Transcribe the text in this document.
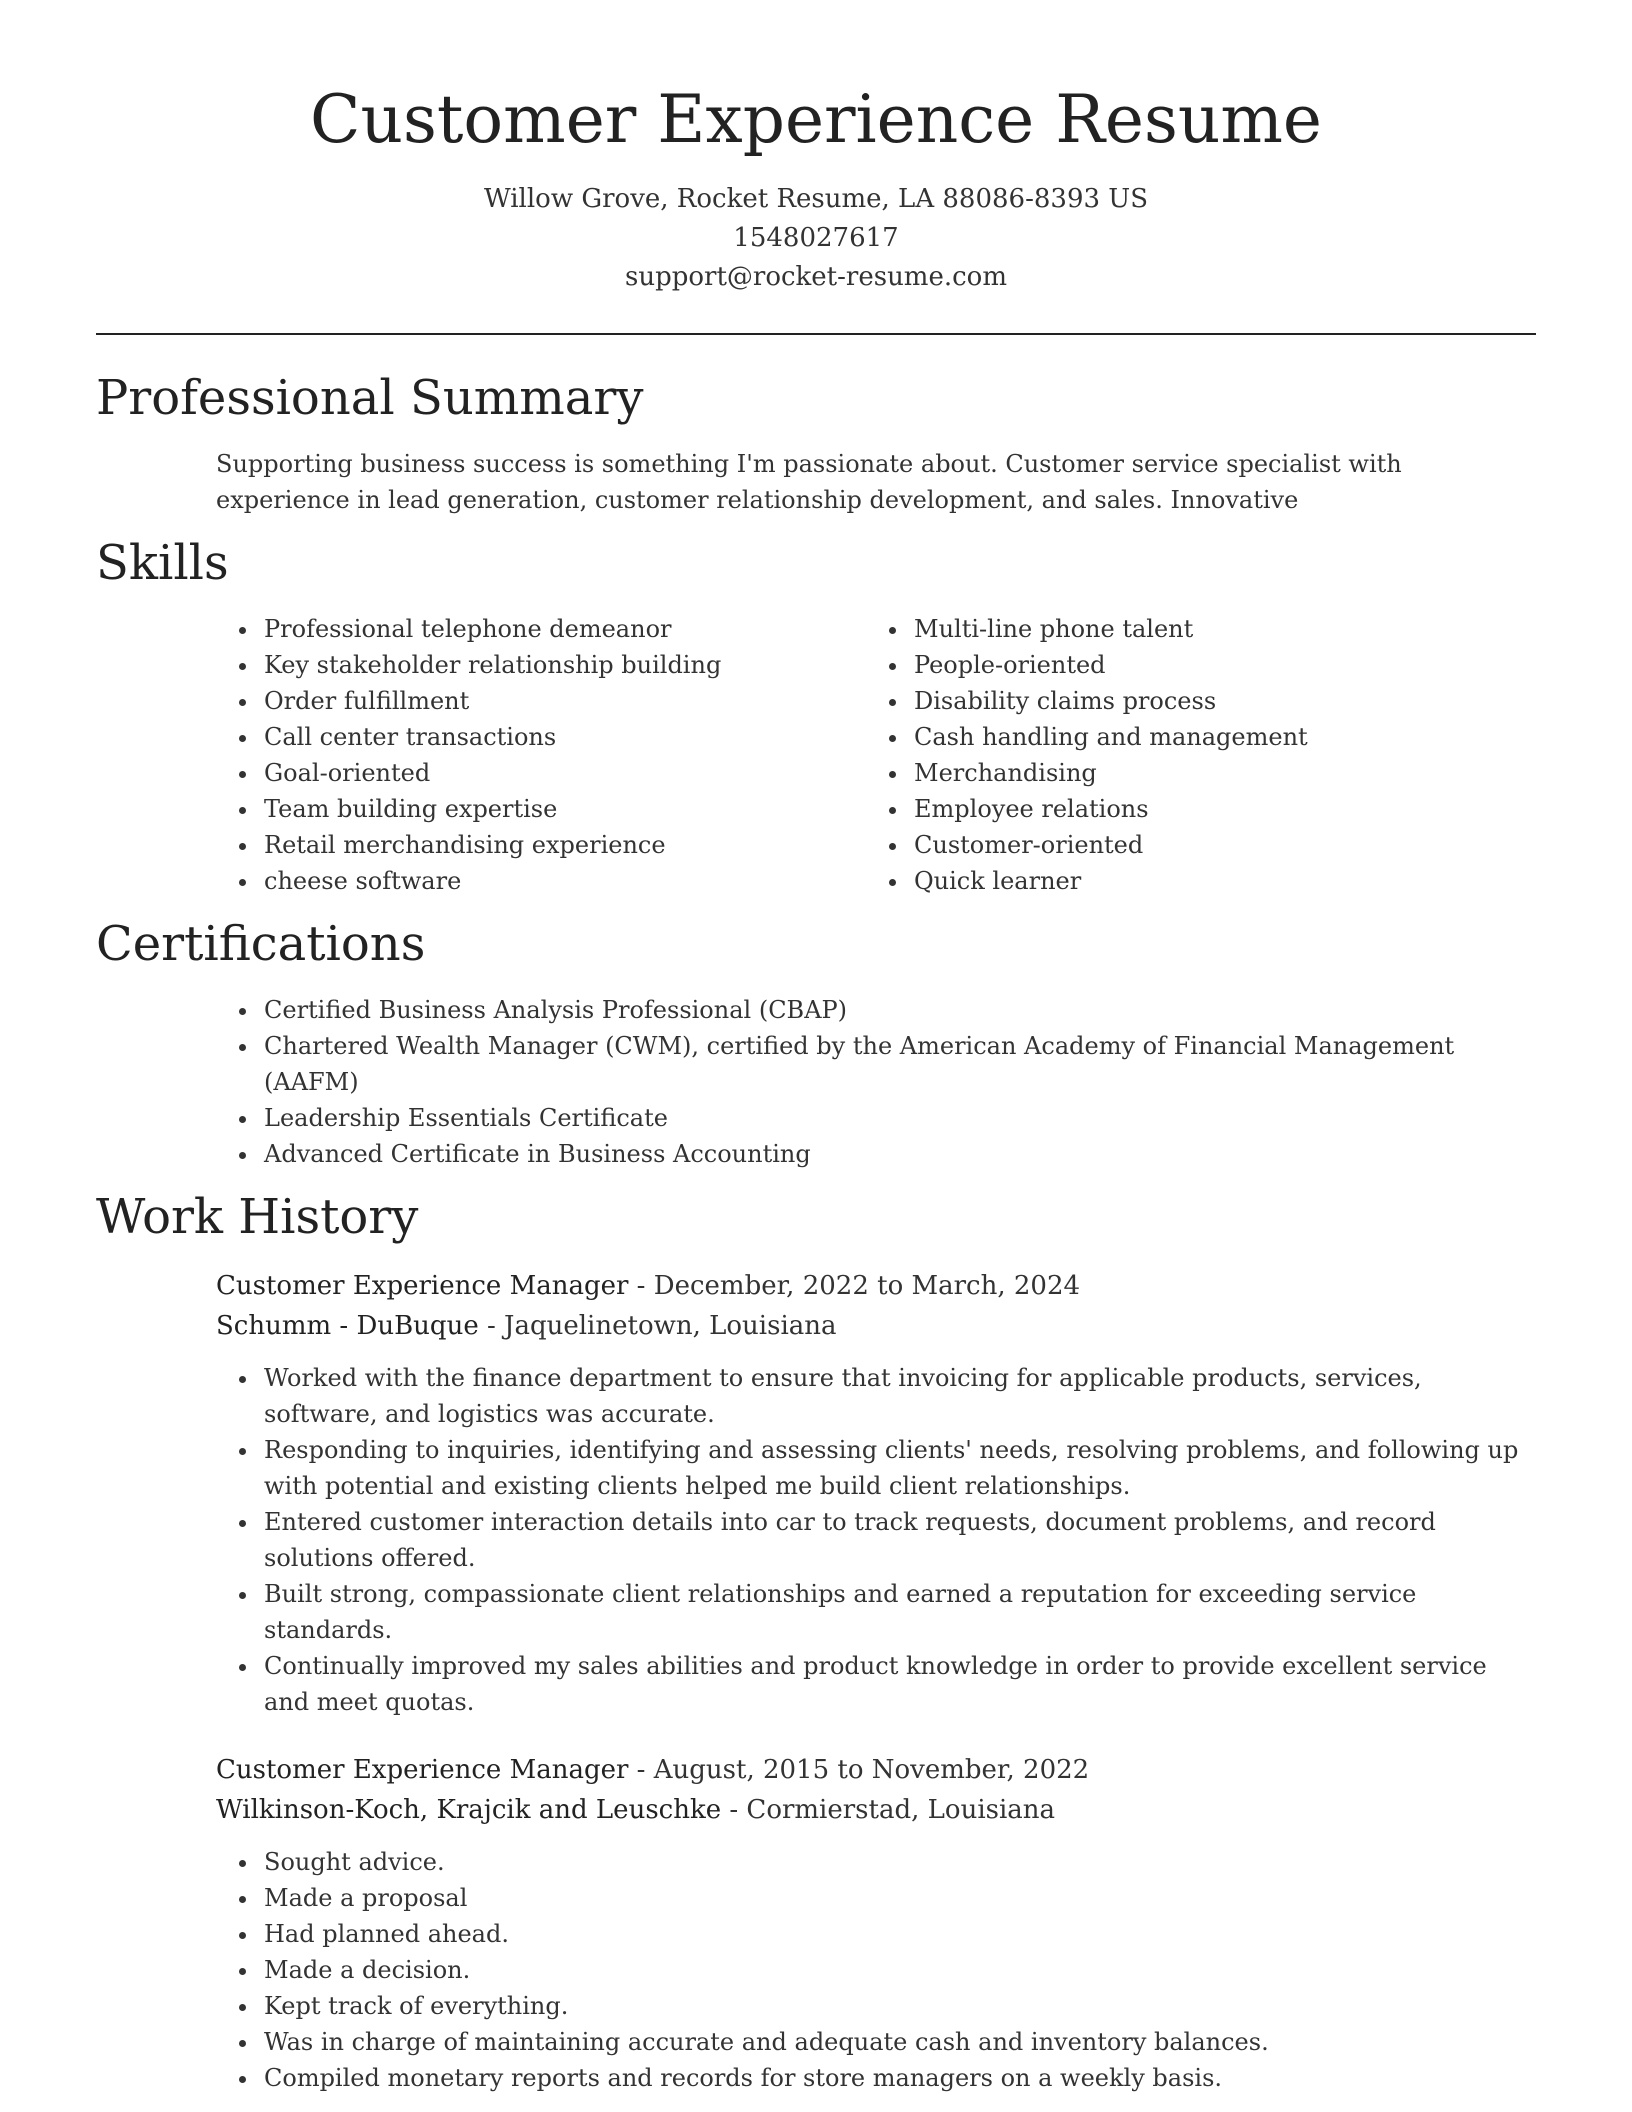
Customer Experience Resume
Willow Grove, Rocket Resume, LA 88086-8393 US
1548027617
support@rocket-resume.com
Professional Summary

Supporting business success is something I'm passionate about. Customer service specialist with experience in lead generation, customer relationship development, and sales. Innovative

Skills
• Professional telephone demeanor
• Key stakeholder relationship building
• Order fulfillment
• Call center transactions
• Goal-oriented
• Team building expertise
• Retail merchandising experience
• cheese software
• Multi-line phone talent
• People-oriented
• Disability claims process
• Cash handling and management
• Merchandising
• Employee relations
• Customer-oriented
• Quick learner
Certifications
• Certified Business Analysis Professional (CBAP)
• Chartered Wealth Manager (CWM), certified by the American Academy of Financial Management (AAFM)
• Leadership Essentials Certificate
• Advanced Certificate in Business Accounting
Work History
Customer Experience Manager - December, 2022 to March, 2024
Schumm - DuBuque - Jaquelinetown, Louisiana
• Worked with the finance department to ensure that invoicing for applicable products, services, software, and logistics was accurate.
• Responding to inquiries, identifying and assessing clients' needs, resolving problems, and following up with potential and existing clients helped me build client relationships.
• Entered customer interaction details into car to track requests, document problems, and record solutions offered.
• Built strong, compassionate client relationships and earned a reputation for exceeding service standards.
• Continually improved my sales abilities and product knowledge in order to provide excellent service and meet quotas.
Customer Experience Manager - August, 2015 to November, 2022
Wilkinson-Koch, Krajcik and Leuschke - Cormierstad, Louisiana
• Sought advice.
• Made a proposal
• Had planned ahead.
• Made a decision.
• Kept track of everything.
• Was in charge of maintaining accurate and adequate cash and inventory balances.
• Compiled monetary reports and records for store managers on a weekly basis.
